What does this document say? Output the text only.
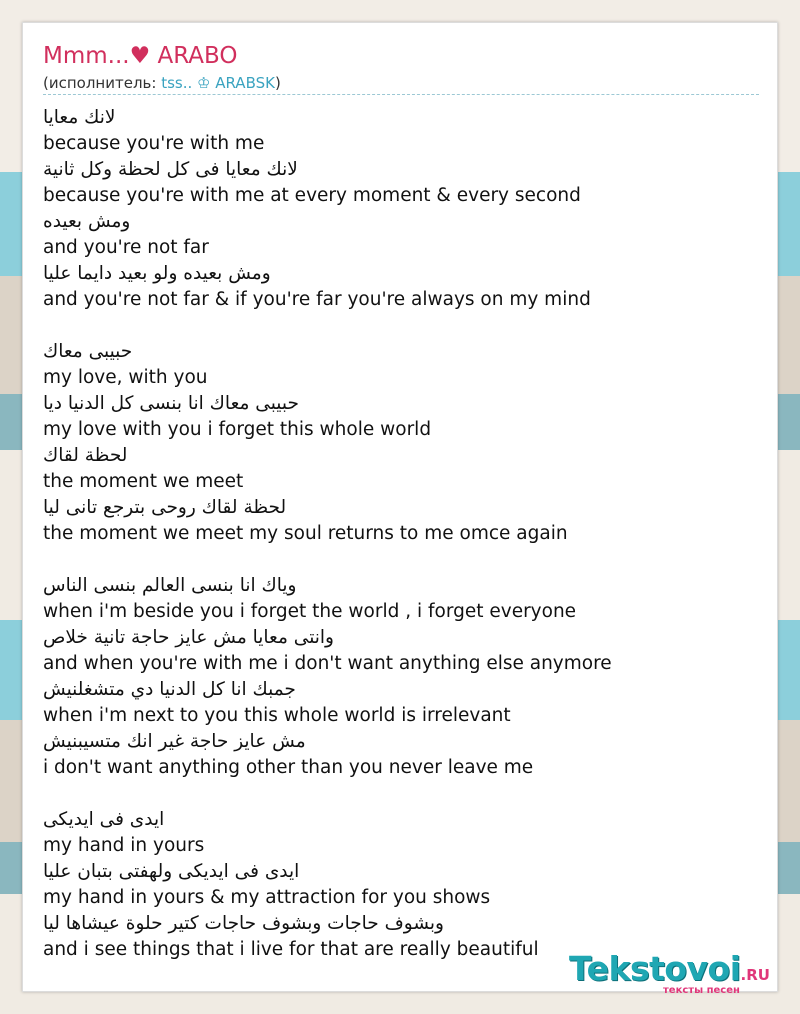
Mmm...♥ ARABO
(исполнитель: tss.. ♔ ARABSK)
لانك معايا
because you're with me
لانك معايا فى كل لحظة وكل ثانية
because you're with me at every moment & every second
ومش بعيده
and you're not far
ومش بعيده ولو بعيد دايما عليا
and you're not far & if you're far you're always on my mind
حبيبى معاك
my love, with you
حبيبى معاك انا بنسى كل الدنيا ديا
my love with you i forget this whole world
لحظة لقاك
the moment we meet
لحظة لقاك روحى بترجع تانى ليا
the moment we meet my soul returns to me omce again
وياك انا بنسى العالم بنسى الناس
when i'm beside you i forget the world , i forget everyone
وانتى معايا مش عايز حاجة تانية خلاص
and when you're with me i don't want anything else anymore
جمبك انا كل الدنيا دي متشغلنيش
when i'm next to you this whole world is irrelevant
مش عايز حاجة غير انك متسيبنيش
i don't want anything other than you never leave me
ايدى فى ايديكى
my hand in yours
ايدى فى ايديكى ولهفتى بتبان عليا
my hand in yours & my attraction for you shows
وبشوف حاجات وبشوف حاجات كتير حلوة عيشاها ليا
and i see things that i live for that are really beautiful Tekstovoi.RU
тексты песен
